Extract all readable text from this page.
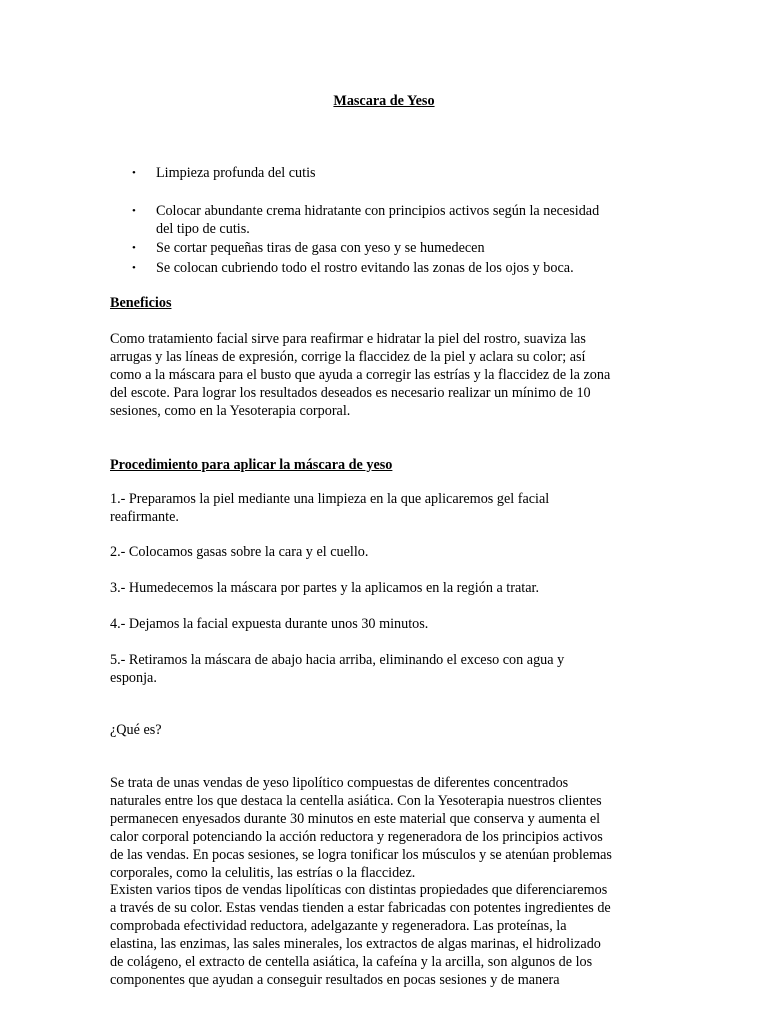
Mascara de Yeso
• Limpieza profunda del cutis
• Colocar abundante crema hidratante con principios activos según la necesidad
del tipo de cutis.
• Se cortar pequeñas tiras de gasa con yeso y se humedecen
• Se colocan cubriendo todo el rostro evitando las zonas de los ojos y boca.
Beneficios
Como tratamiento facial sirve para reafirmar e hidratar la piel del rostro, suaviza las
arrugas y las líneas de expresión, corrige la flaccidez de la piel y aclara su color; así
como a la máscara para el busto que ayuda a corregir las estrías y la flaccidez de la zona
del escote. Para lograr los resultados deseados es necesario realizar un mínimo de 10
sesiones, como en la Yesoterapia corporal.
Procedimiento para aplicar la máscara de yeso
1.- Preparamos la piel mediante una limpieza en la que aplicaremos gel facial
reafirmante.
2.- Colocamos gasas sobre la cara y el cuello.
3.- Humedecemos la máscara por partes y la aplicamos en la región a tratar.
4.- Dejamos la facial expuesta durante unos 30 minutos.
5.- Retiramos la máscara de abajo hacia arriba, eliminando el exceso con agua y
esponja.
¿Qué es?
Se trata de unas vendas de yeso lipolítico compuestas de diferentes concentrados
naturales entre los que destaca la centella asiática. Con la Yesoterapia nuestros clientes
permanecen enyesados durante 30 minutos en este material que conserva y aumenta el
calor corporal potenciando la acción reductora y regeneradora de los principios activos
de las vendas. En pocas sesiones, se logra tonificar los músculos y se atenúan problemas
corporales, como la celulitis, las estrías o la flaccidez.
Existen varios tipos de vendas lipolíticas con distintas propiedades que diferenciaremos
a través de su color. Estas vendas tienden a estar fabricadas con potentes ingredientes de
comprobada efectividad reductora, adelgazante y regeneradora. Las proteínas, la
elastina, las enzimas, las sales minerales, los extractos de algas marinas, el hidrolizado
de colágeno, el extracto de centella asiática, la cafeína y la arcilla, son algunos de los
componentes que ayudan a conseguir resultados en pocas sesiones y de manera
